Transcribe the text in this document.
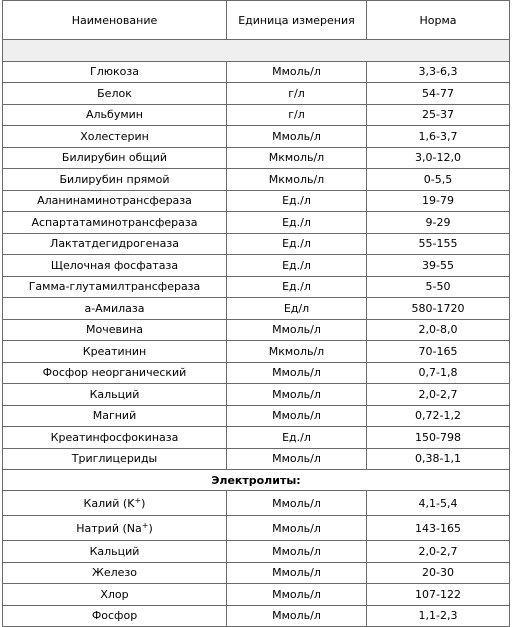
Наименование	Единица измерения	Норма

Глюкоза	Ммоль/л	3,3-6,3
Белок	г/л	54-77
Альбумин	г/л	25-37
Холестерин	Ммоль/л	1,6-3,7
Билирубин общий	Мкмоль/л	3,0-12,0
Билирубин прямой	Мкмоль/л	0-5,5
Аланинаминотрансфераза	Ед./л	19-79
Аспартатаминотрансфераза	Ед./л	9-29
Лактатдегидрогеназа	Ед./л	55-155
Щелочная фосфатаза	Ед./л	39-55
Гамма-глутамилтрансфераза	Ед./л	5-50
а-Амилаза	Ед/л	580-1720
Мочевина	Ммоль/л	2,0-8,0
Креатинин	Мкмоль/л	70-165
Фосфор неорганический	Ммоль/л	0,7-1,8
Кальций	Ммоль/л	2,0-2,7
Магний	Ммоль/л	0,72-1,2
Креатинфосфокиназа	Ед./л	150-798
Триглицериды	Ммоль/л	0,38-1,1
Электролиты:		
Калий (K+)	Ммоль/л	4,1-5,4
Натрий (Na+)	Ммоль/л	143-165
Кальций	Ммоль/л	2,0-2,7
Железо	Ммоль/л	20-30
Хлор	Ммоль/л	107-122
Фосфор	Ммоль/л	1,1-2,3
